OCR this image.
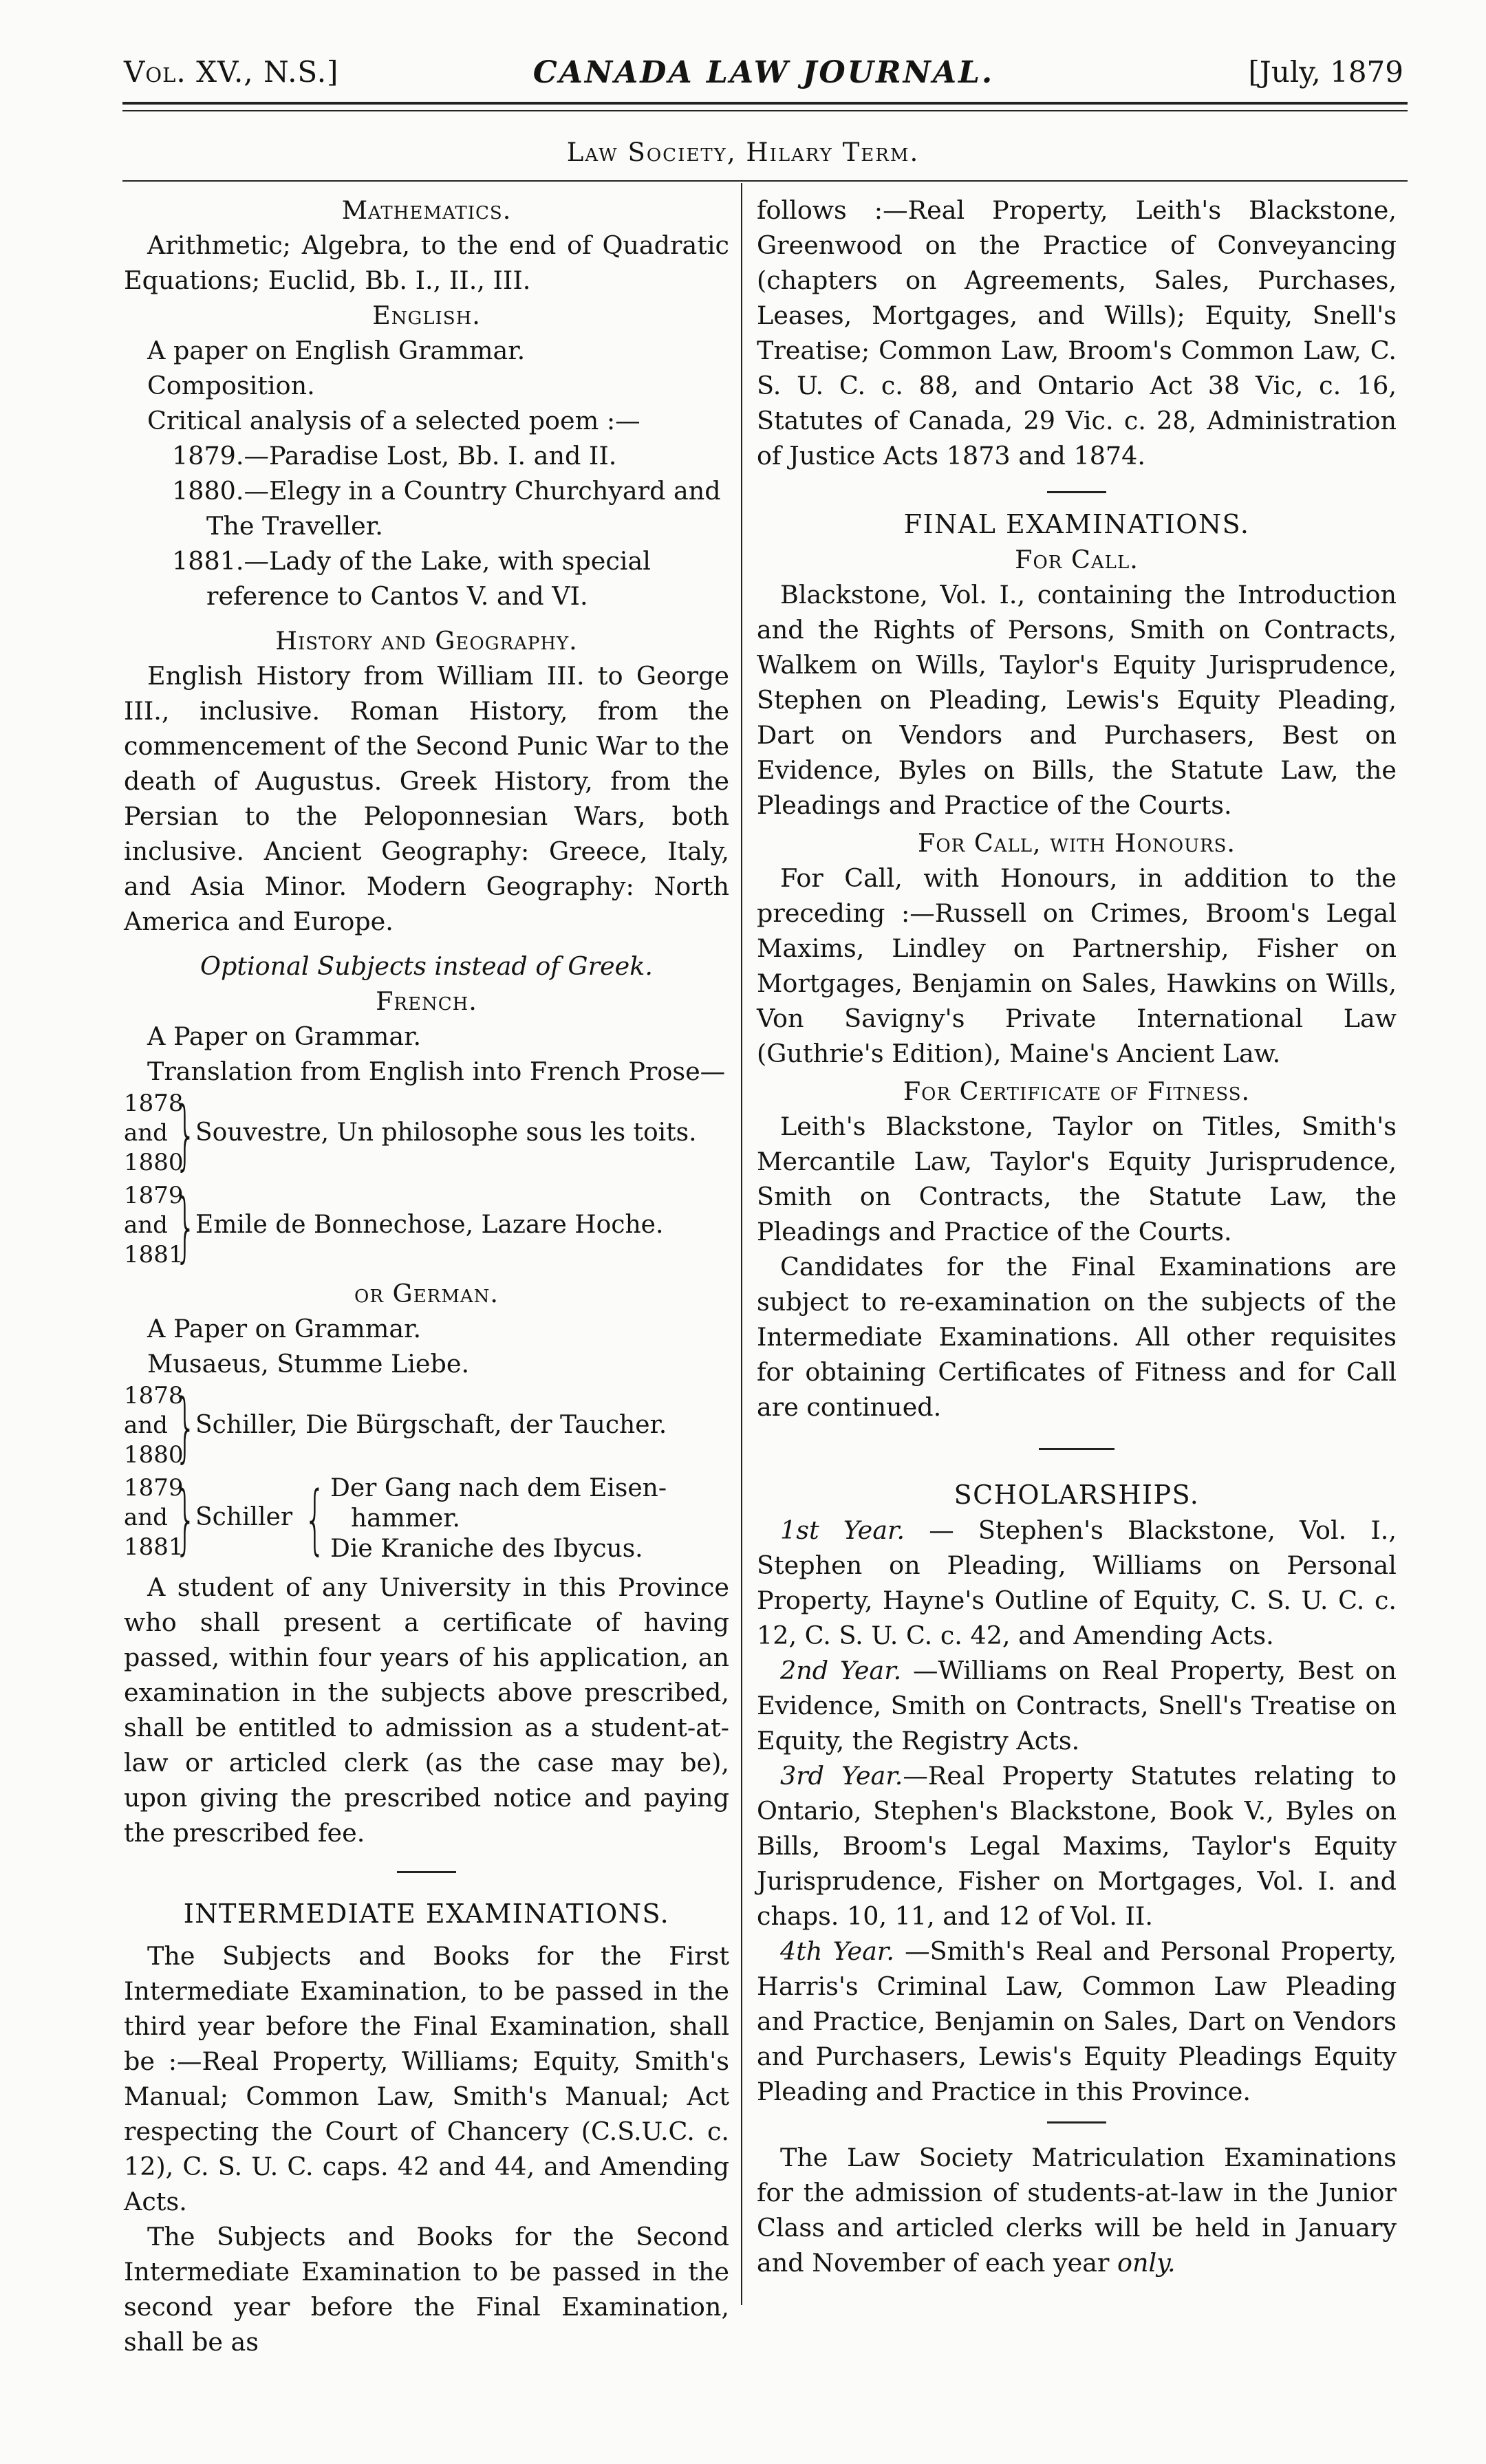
Vol. XV., N.S.]	CANADA LAW JOURNAL.	[July, 1879
Law Society, Hilary Term.

Mathematics.

Arithmetic; Algebra, to the end of Quadratic Equations; Euclid, Bb. I., II., III.

English.

A paper on English Grammar.

Composition.

Critical analysis of a selected poem :—

1879.—Paradise Lost, Bb. I. and II.

1880.—Elegy in a Country Churchyard and The Traveller.

1881.—Lady of the Lake, with special reference to Cantos V. and VI.

History and Geography.

English History from William III. to George III., inclusive. Roman History, from the commencement of the Second Punic War to the death of Augustus. Greek History, from the Persian to the Peloponnesian Wars, both inclusive. Ancient Geography: Greece, Italy, and Asia Minor. Modern Geography: North America and Europe.

Optional Subjects instead of Greek.

French.

A Paper on Grammar.

Translation from English into French Prose—

1878
and
1880
}
Souvestre, Un philosophe sous les toits.
1879
and
1881
}
Emile de Bonnechose, Lazare Hoche.

or German.

A Paper on Grammar.

Musaeus, Stumme Liebe.

1878
and
1880
}
Schiller, Die Bürgschaft, der Taucher.
1879
and
1881
}
Schiller { Der Gang nach dem Eisen-
hammer.
Die Kraniche des Ibycus.

A student of any University in this Province who shall present a certificate of having passed, within four years of his application, an examination in the subjects above prescribed, shall be entitled to admission as a student-at-law or articled clerk (as the case may be), upon giving the prescribed notice and paying the prescribed fee.

INTERMEDIATE EXAMINATIONS.

The Subjects and Books for the First Intermediate Examination, to be passed in the third year before the Final Examination, shall be :—Real Property, Williams; Equity, Smith's Manual; Common Law, Smith's Manual; Act respecting the Court of Chancery (C.S.U.C. c. 12), C. S. U. C. caps. 42 and 44, and Amending Acts.

The Subjects and Books for the Second Intermediate Examination to be passed in the second year before the Final Examination, shall be as

follows :—Real Property, Leith's Blackstone, Greenwood on the Practice of Conveyancing (chapters on Agreements, Sales, Purchases, Leases, Mortgages, and Wills); Equity, Snell's Treatise; Common Law, Broom's Common Law, C. S. U. C. c. 88, and Ontario Act 38 Vic, c. 16, Statutes of Canada, 29 Vic. c. 28, Administration of Justice Acts 1873 and 1874.

FINAL EXAMINATIONS.

For Call.

Blackstone, Vol. I., containing the Introduction and the Rights of Persons, Smith on Contracts, Walkem on Wills, Taylor's Equity Jurisprudence, Stephen on Pleading, Lewis's Equity Pleading, Dart on Vendors and Purchasers, Best on Evidence, Byles on Bills, the Statute Law, the Pleadings and Practice of the Courts.

For Call, with Honours.

For Call, with Honours, in addition to the preceding :—Russell on Crimes, Broom's Legal Maxims, Lindley on Partnership, Fisher on Mortgages, Benjamin on Sales, Hawkins on Wills, Von Savigny's Private International Law (Guthrie's Edition), Maine's Ancient Law.

For Certificate of Fitness.

Leith's Blackstone, Taylor on Titles, Smith's Mercantile Law, Taylor's Equity Jurisprudence, Smith on Contracts, the Statute Law, the Pleadings and Practice of the Courts.

Candidates for the Final Examinations are subject to re-examination on the subjects of the Intermediate Examinations. All other requisites for obtaining Certificates of Fitness and for Call are continued.

SCHOLARSHIPS.

1st Year. — Stephen's Blackstone, Vol. I., Stephen on Pleading, Williams on Personal Property, Hayne's Outline of Equity, C. S. U. C. c. 12, C. S. U. C. c. 42, and Amending Acts.

2nd Year. —Williams on Real Property, Best on Evidence, Smith on Contracts, Snell's Treatise on Equity, the Registry Acts.

3rd Year.—Real Property Statutes relating to Ontario, Stephen's Blackstone, Book V., Byles on Bills, Broom's Legal Maxims, Taylor's Equity Jurisprudence, Fisher on Mortgages, Vol. I. and chaps. 10, 11, and 12 of Vol. II.

4th Year. —Smith's Real and Personal Property, Harris's Criminal Law, Common Law Pleading and Practice, Benjamin on Sales, Dart on Vendors and Purchasers, Lewis's Equity Pleadings Equity Pleading and Practice in this Province.

The Law Society Matriculation Examinations for the admission of students-at-law in the Junior Class and articled clerks will be held in January and November of each year only.
